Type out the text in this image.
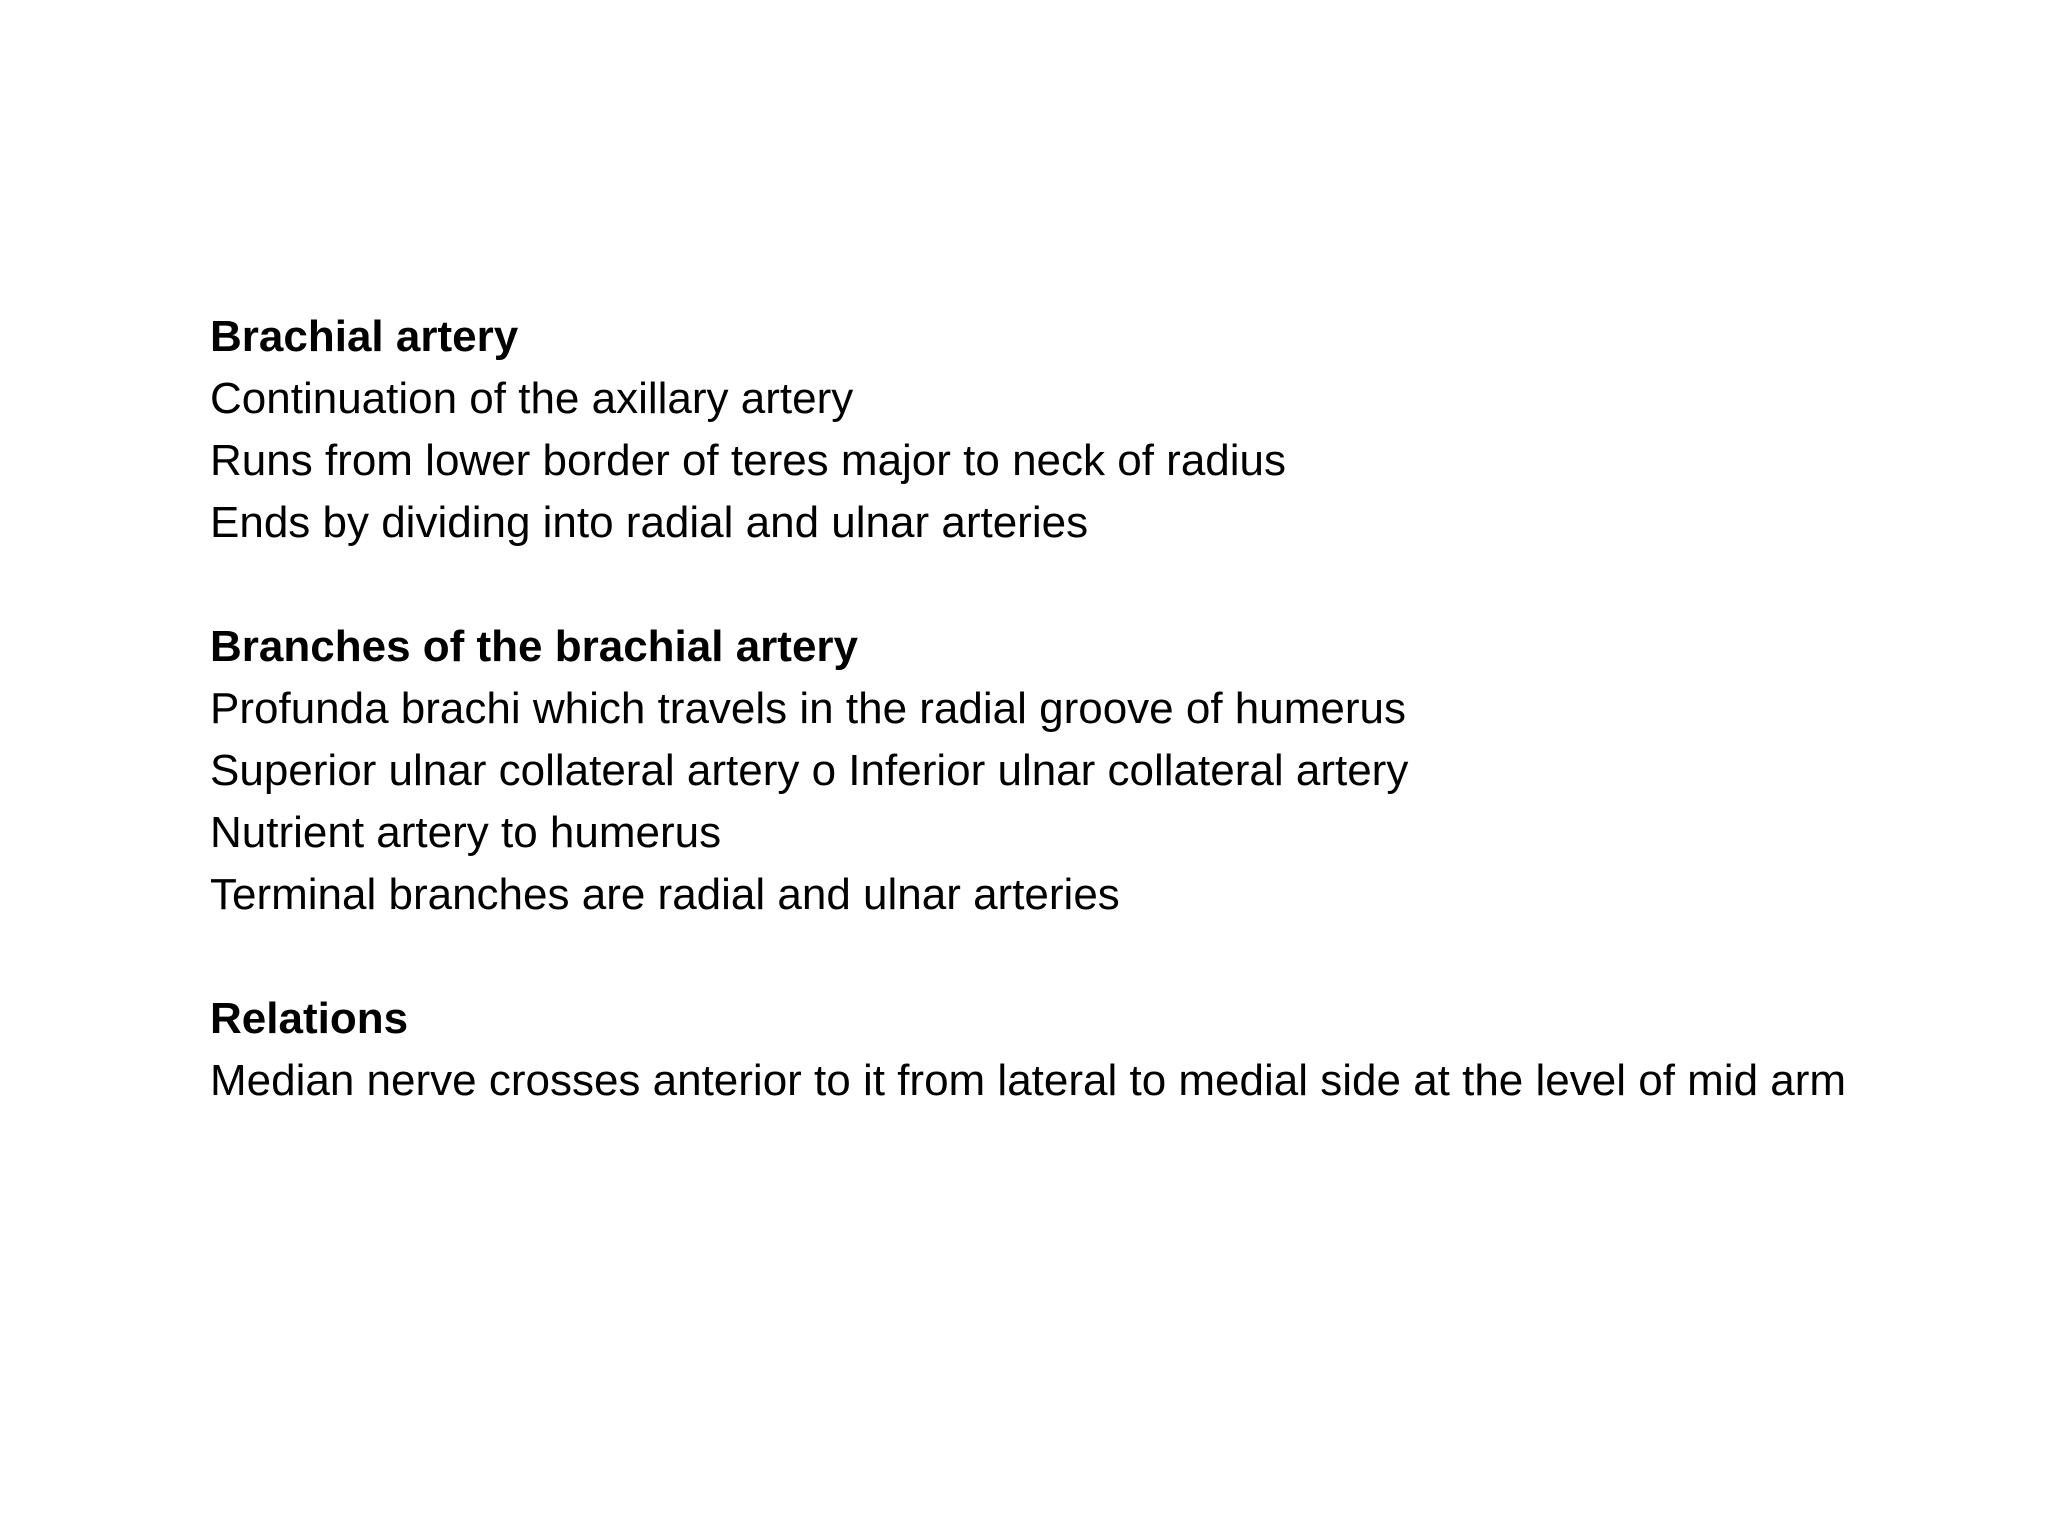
Brachial artery

Continuation of the axillary artery

Runs from lower border of teres major to neck of radius

Ends by dividing into radial and ulnar arteries

Branches of the brachial artery

Profunda brachi which travels in the radial groove of humerus

Superior ulnar collateral artery o Inferior ulnar collateral artery

Nutrient artery to humerus

Terminal branches are radial and ulnar arteries

Relations

Median nerve crosses anterior to it from lateral to medial side at the level of mid arm
